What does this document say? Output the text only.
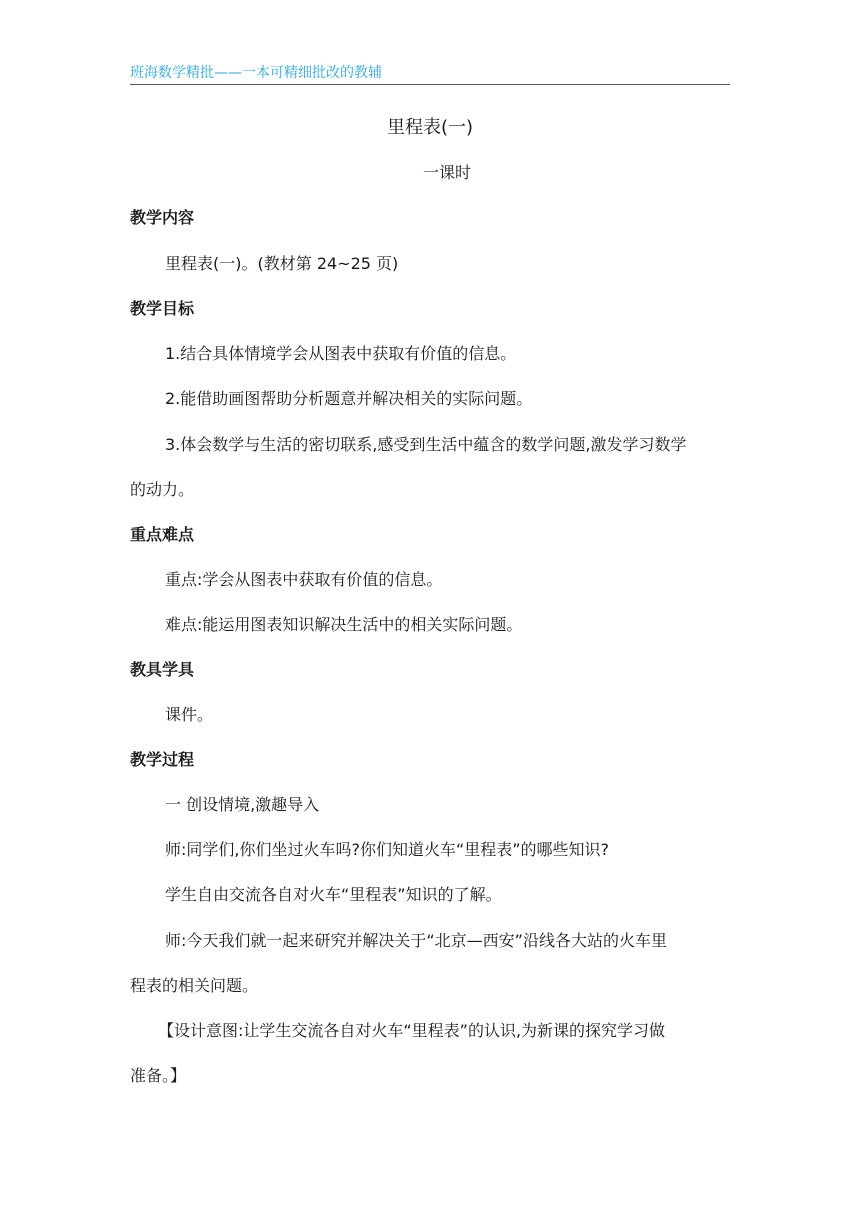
班海数学精批——一本可精细批改的教辅
里程表(一)
一课时
教学内容
里程表(一)。(教材第 24~25 页)
教学目标
1.结合具体情境学会从图表中获取有价值的信息。
2.能借助画图帮助分析题意并解决相关的实际问题。
3.体会数学与生活的密切联系,感受到生活中蕴含的数学问题,激发学习数学
的动力。
重点难点
重点:学会从图表中获取有价值的信息。
难点:能运用图表知识解决生活中的相关实际问题。
教具学具
课件。
教学过程
一 创设情境,激趣导入
师:同学们,你们坐过火车吗?你们知道火车“里程表”的哪些知识?
学生自由交流各自对火车“里程表”知识的了解。
师:今天我们就一起来研究并解决关于“北京—西安”沿线各大站的火车里
程表的相关问题。
【设计意图:让学生交流各自对火车“里程表”的认识,为新课的探究学习做
准备。】
